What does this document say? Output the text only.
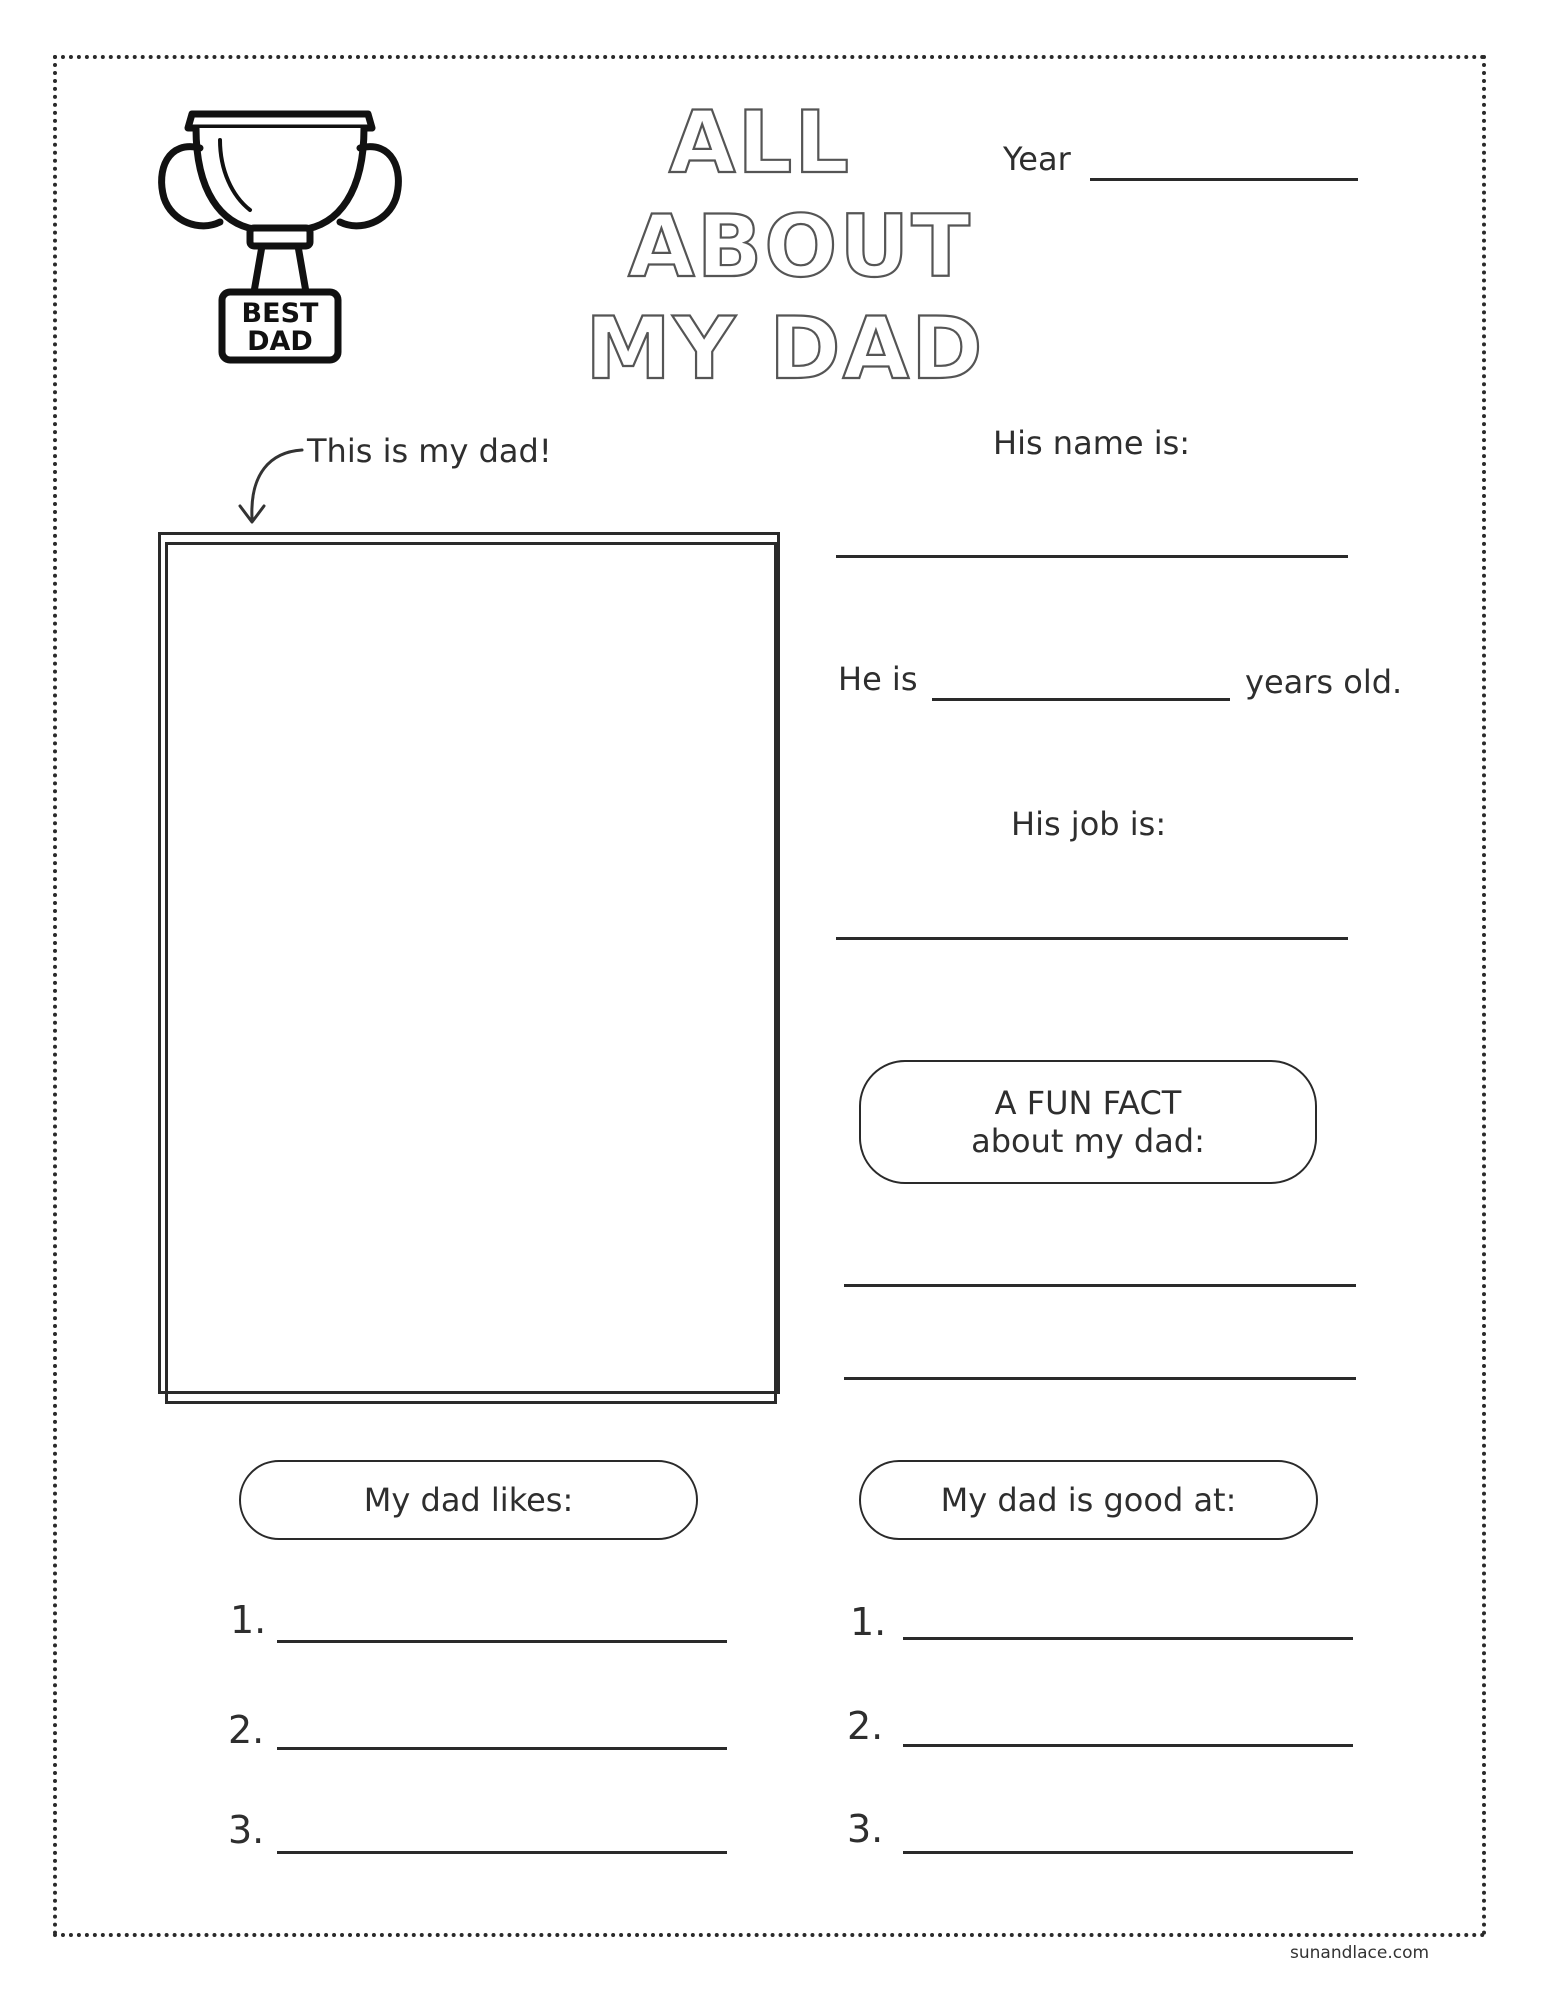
BEST
DAD
ALL
ABOUT
MY DAD
Year
This is my dad!	His name is:
He is	years old.
His job is:
A FUN FACT
about my dad:
My dad likes:
1.
2.
3.
My dad is good at:
1.
2.
3.
sunandlace.com
